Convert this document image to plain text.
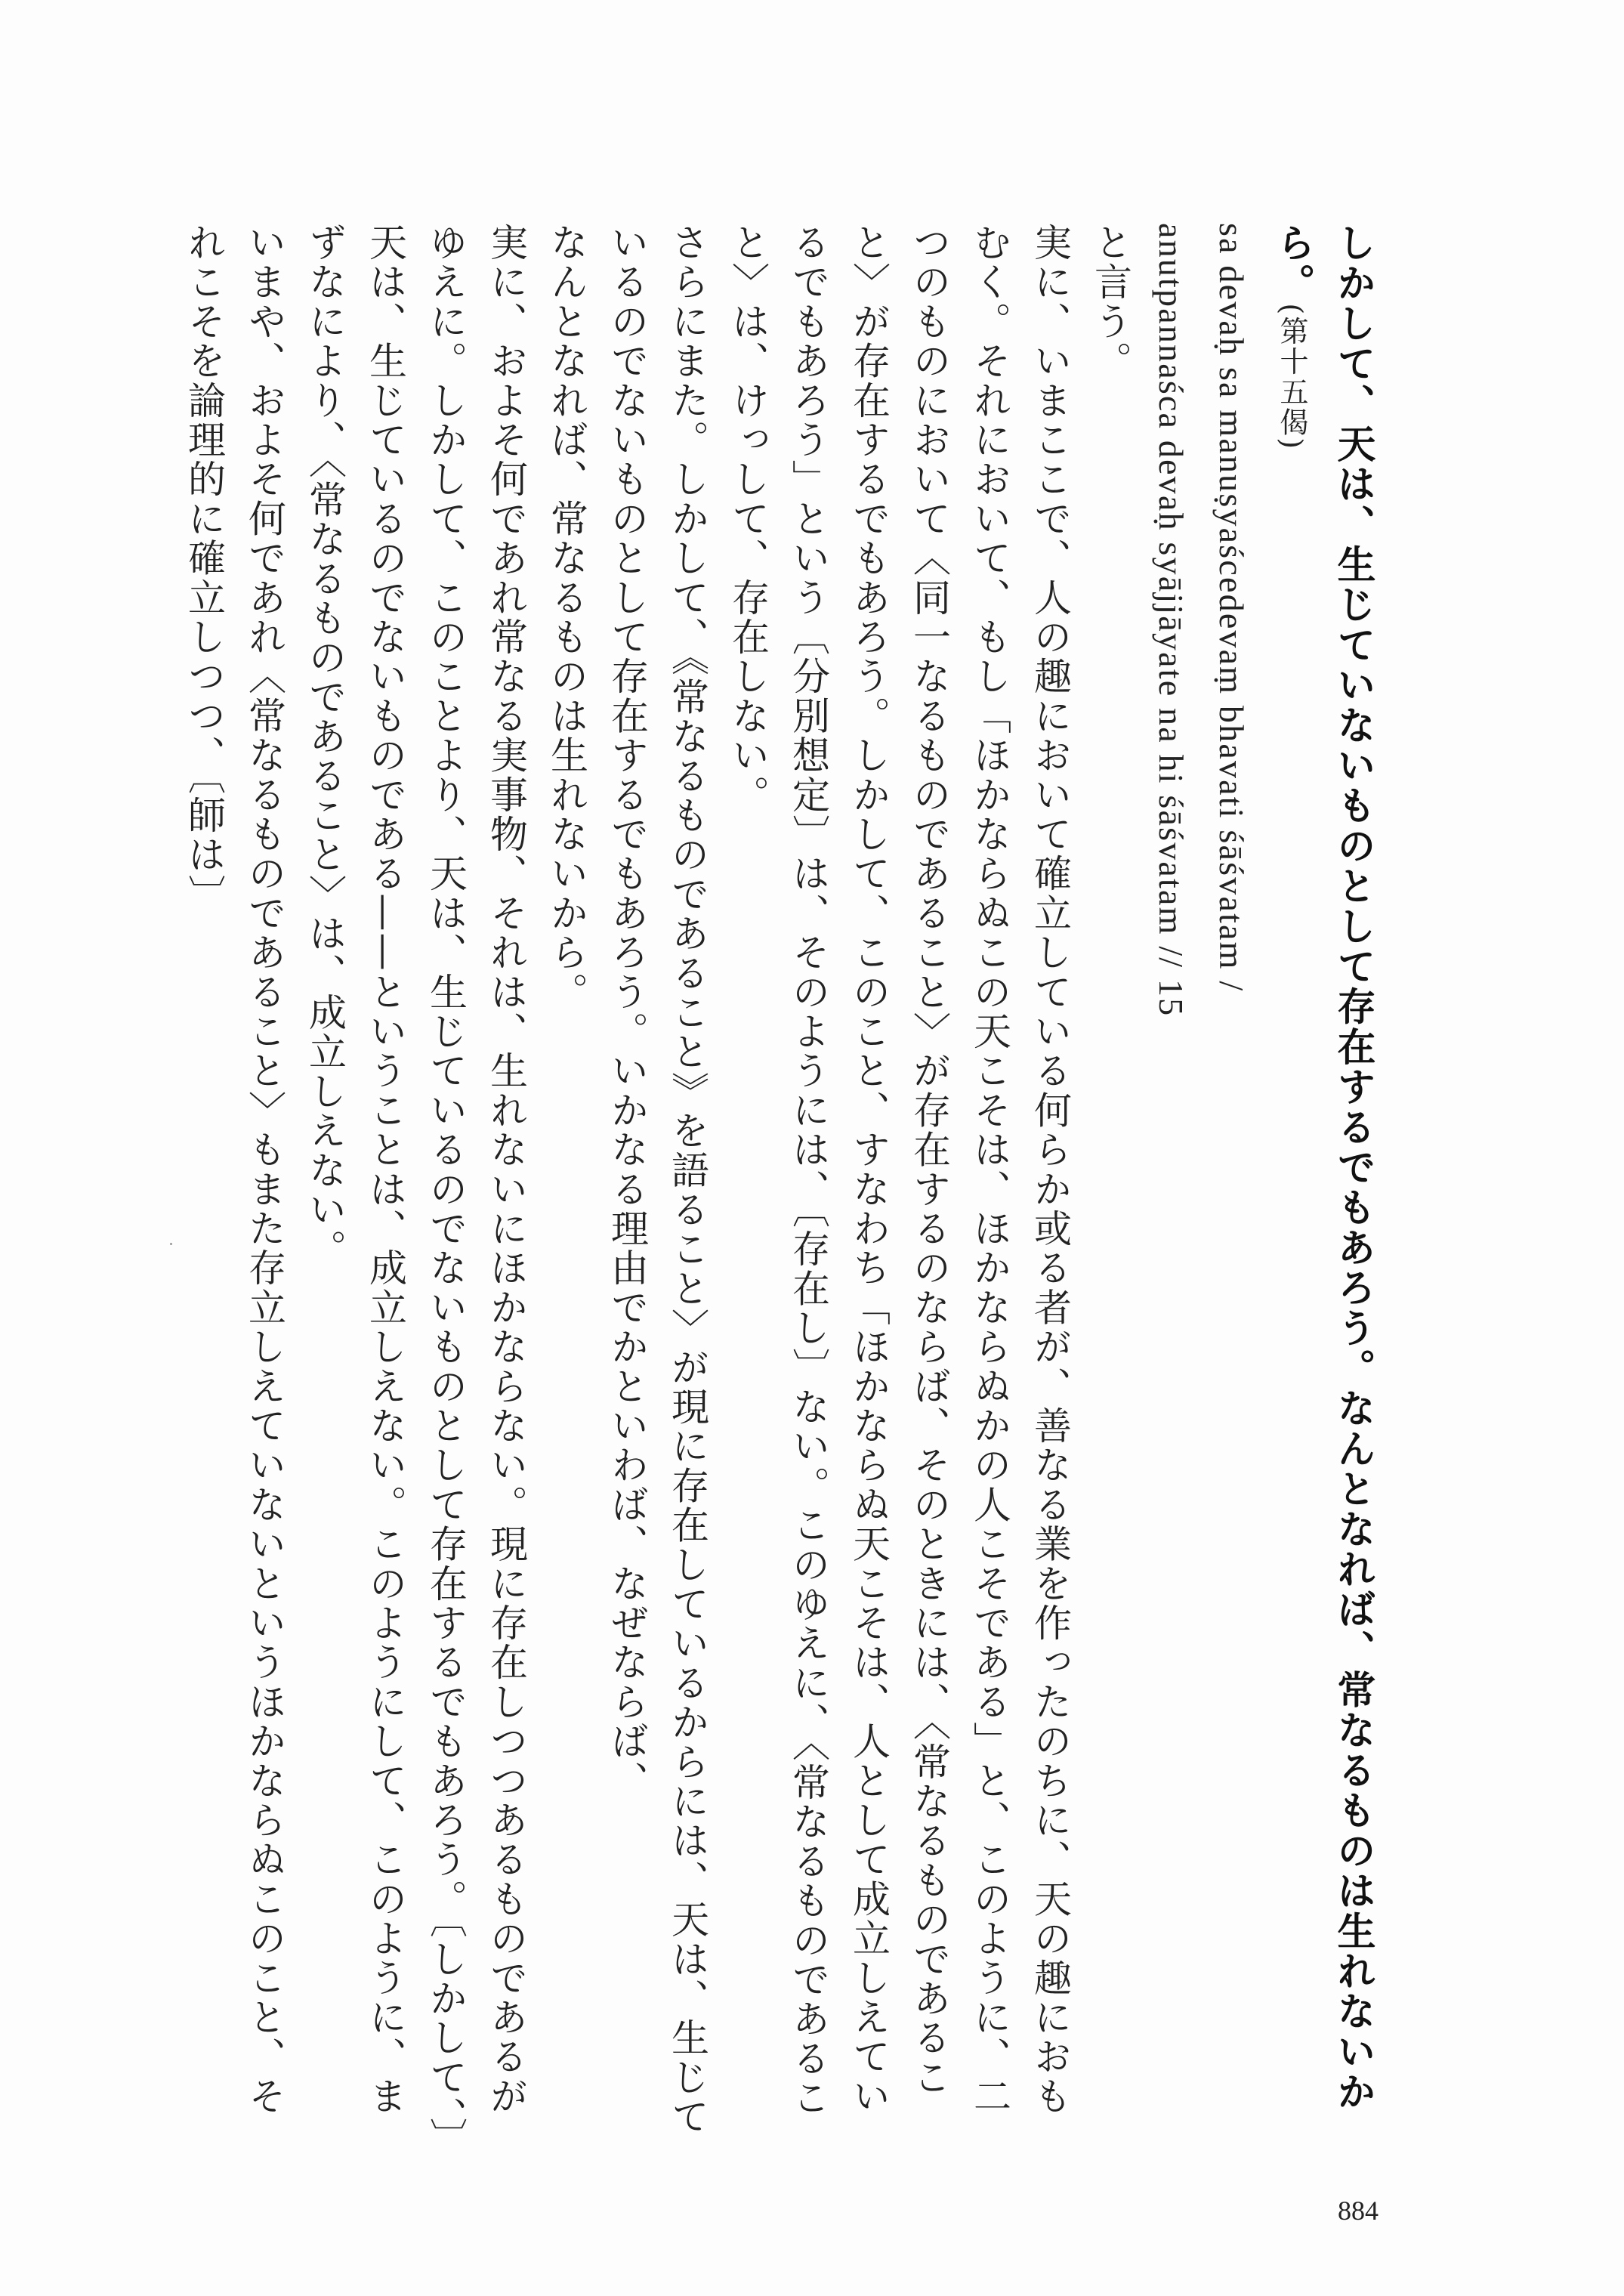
しかして、天は、生じていないものとして存在するでもあろう。なんとなれば、常なるものは生れないから。(第十五偈)

sa devaḥ sa manuṣyaścedevaṃ bhavati śāśvatam /

anutpannaśca devaḥ syājjāyate na hi śāśvatam // 15

と言う。

実に、いまここで、人の趣において確立している何らか或る者が、善なる業を作ったのちに、天の趣におもむく。それにおいて、もし「ほかならぬこの天こそは、ほかならぬかの人こそである」と、このように、二つのものにおいて〈同一なるものであること〉が存在するのならば、そのときには、〈常なるものであること〉が存在するでもあろう。しかして、このこと、すなわち「ほかならぬ天こそは、人として成立しえているでもあろう」という〔分別想定〕は、そのようには、〔存在し〕ない。このゆえに、〈常なるものであること〉は、けっして、存在しない。

さらにまた。しかして、《常なるものであること》を語ること〉が現に存在しているからには、天は、生じているのでないものとして存在するでもあろう。いかなる理由でかといわば、なぜならば、

なんとなれば、常なるものは生れないから。

実に、およそ何であれ常なる実事物、それは、生れないにほかならない。現に存在しつつあるものであるがゆえに。しかして、このことより、天は、生じているのでないものとして存在するでもあろう。〔しかして、〕天は、生じているのでないものである——ということは、成立しえない。このようにして、このように、まずなにより、〈常なるものであること〉は、成立しえない。

いまや、およそ何であれ〈常なるものであること〉もまた存立しえていないというほかならぬこのこと、それこそを論理的に確立しつつ、〔師は〕

884
